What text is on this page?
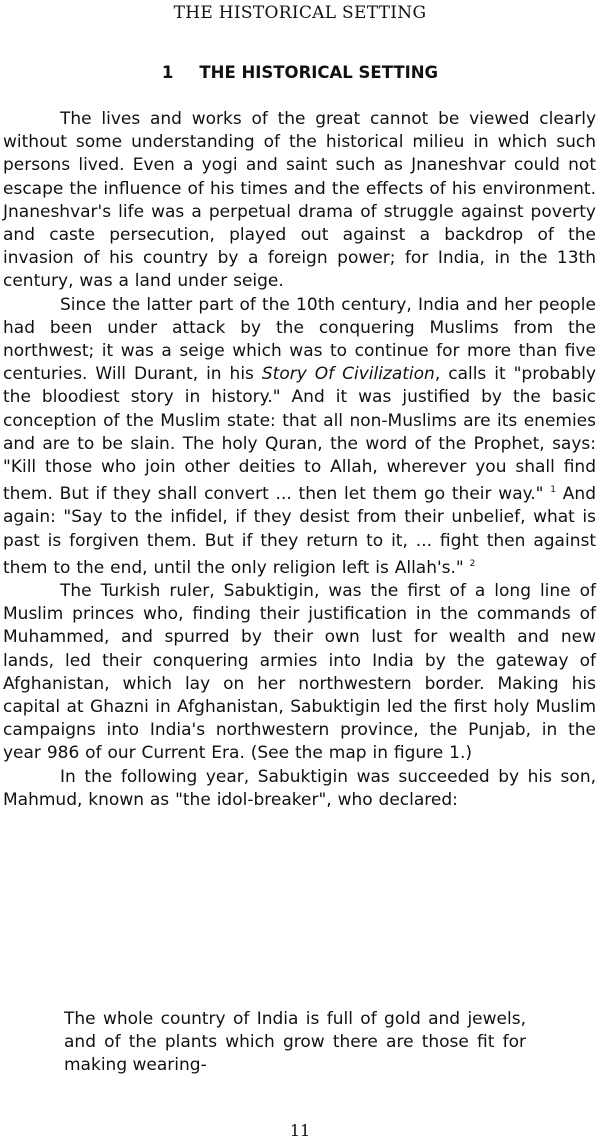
THE HISTORICAL SETTING
1 THE HISTORICAL SETTING

The lives and works of the great cannot be viewed clearly without some understanding of the historical milieu in which such persons lived. Even a yogi and saint such as Jnaneshvar could not escape the influence of his times and the effects of his environment. Jnaneshvar's life was a perpetual drama of struggle against poverty and caste persecution, played out against a backdrop of the invasion of his country by a foreign power; for India, in the 13th century, was a land under seige.

Since the latter part of the 10th century, India and her people had been under attack by the conquering Muslims from the northwest; it was a seige which was to continue for more than five centuries. Will Durant, in his Story Of Civilization, calls it "probably the bloodiest story in history." And it was justified by the basic conception of the Muslim state: that all non-Muslims are its enemies and are to be slain. The holy Quran, the word of the Prophet, says: "Kill those who join other deities to Allah, wherever you shall find them. But if they shall convert ... then let them go their way." $^1$ And again: "Say to the infidel, if they desist from their unbelief, what is past is forgiven them. But if they return to it, ... fight then against them to the end, until the only religion left is Allah's." $^2$

The Turkish ruler, Sabuktigin, was the first of a long line of Muslim princes who, finding their justification in the commands of Muhammed, and spurred by their own lust for wealth and new lands, led their conquering armies into India by the gateway of Afghanistan, which lay on her northwestern border. Making his capital at Ghazni in Afghanistan, Sabuktigin led the first holy Muslim campaigns into India's northwestern province, the Punjab, in the year 986 of our Current Era. (See the map in figure 1.)

In the following year, Sabuktigin was succeeded by his son, Mahmud, known as "the idol-breaker", who declared:

The whole country of India is full of gold and jewels, and of the plants which grow there are those fit for making wearing-
11
